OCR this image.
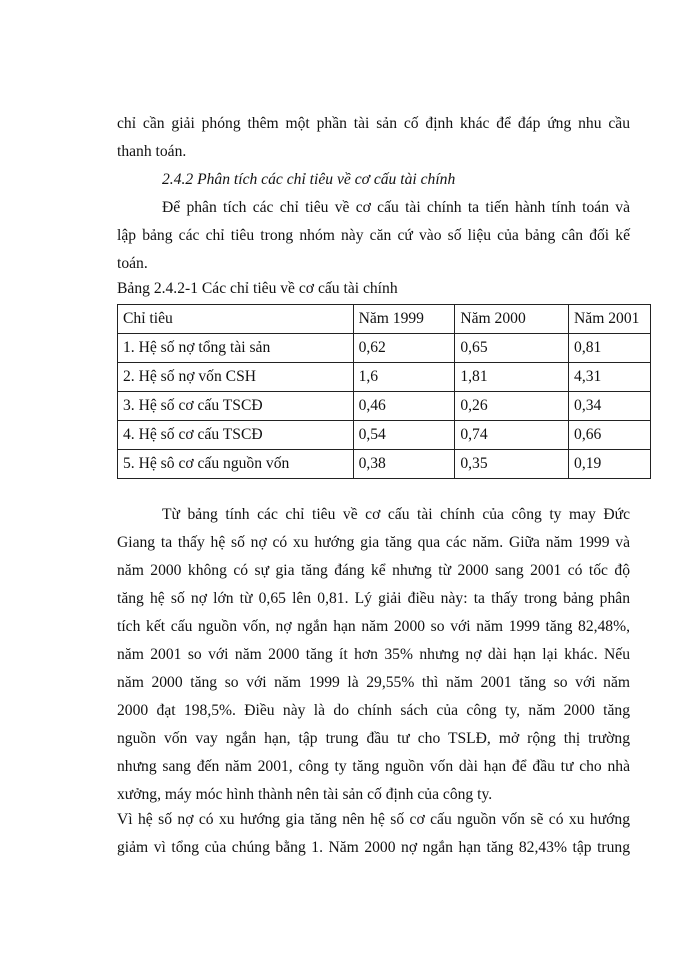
chỉ cần giải phóng thêm một phần tài sản cố định khác để đáp ứng nhu cầu
thanh toán.
2.4.2 Phân tích các chỉ tiêu về cơ cấu tài chính
Để phân tích các chỉ tiêu về cơ cấu tài chính ta tiến hành tính toán và
lập bảng các chỉ tiêu trong nhóm này căn cứ vào số liệu của bảng cân đối kế
toán.
Bảng 2.4.2-1 Các chỉ tiêu về cơ cấu tài chính
Chỉ tiêu	Năm 1999	Năm 2000	Năm 2001
1. Hệ số nợ tổng tài sản	0,62	0,65	0,81
2. Hệ số nợ vốn CSH	1,6	1,81	4,31
3. Hệ số cơ cấu TSCĐ	0,46	0,26	0,34
4. Hệ số cơ cấu TSCĐ	0,54	0,74	0,66
5. Hệ sô cơ cấu nguồn vốn	0,38	0,35	0,19
Từ bảng tính các chỉ tiêu về cơ cấu tài chính của công ty may Đức
Giang ta thấy hệ số nợ có xu hướng gia tăng qua các năm. Giữa năm 1999 và
năm 2000 không có sự gia tăng đáng kể nhưng từ 2000 sang 2001 có tốc độ
tăng hệ số nợ lớn từ 0,65 lên 0,81. Lý giải điều này: ta thấy trong bảng phân
tích kết cấu nguồn vốn, nợ ngắn hạn năm 2000 so với năm 1999 tăng 82,48%,
năm 2001 so với năm 2000 tăng ít hơn 35% nhưng nợ dài hạn lại khác. Nếu
năm 2000 tăng so với năm 1999 là 29,55% thì năm 2001 tăng so với năm
2000 đạt 198,5%. Điều này là do chính sách của công ty, năm 2000 tăng
nguồn vốn vay ngắn hạn, tập trung đầu tư cho TSLĐ, mở rộng thị trường
nhưng sang đến năm 2001, công ty tăng nguồn vốn dài hạn để đầu tư cho nhà
xưởng, máy móc hình thành nên tài sản cố định của công ty.
Vì hệ số nợ có xu hướng gia tăng nên hệ số cơ cấu nguồn vốn sẽ có xu hướng
giảm vì tổng của chúng bằng 1. Năm 2000 nợ ngắn hạn tăng 82,43% tập trung
